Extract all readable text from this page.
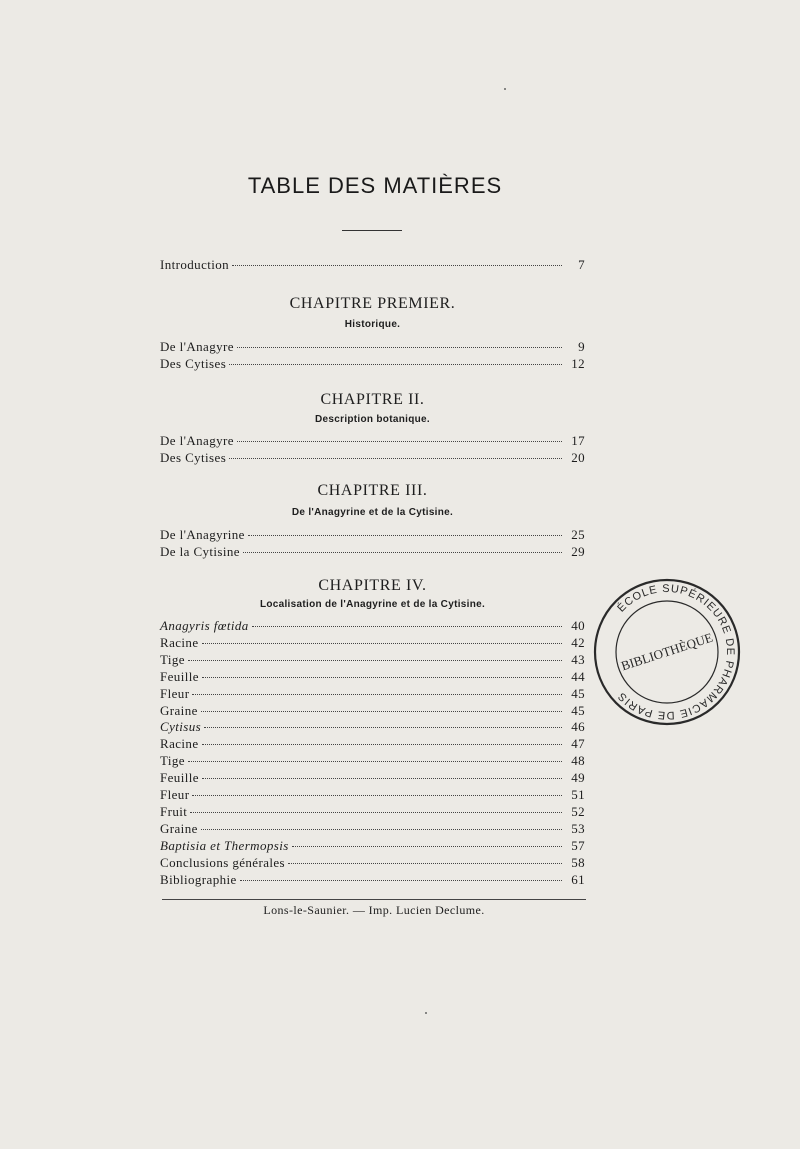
TABLE DES MATIÈRES
Introduction	7
CHAPITRE PREMIER.
Historique.
De l'Anagyre	9
Des Cytises	12
CHAPITRE II.
Description botanique.
De l'Anagyre	17
Des Cytises	20
CHAPITRE III.
De l'Anagyrine et de la Cytisine.
De l'Anagyrine	25
De la Cytisine	29
CHAPITRE IV.
Localisation de l'Anagyrine et de la Cytisine.
Anagyris fœtida	40
Racine	42
Tige	43
Feuille	44
Fleur	45
Graine	45
Cytisus	46
Racine	47
Tige	48
Feuille	49
Fleur	51
Fruit	52
Graine	53
Baptisia et Thermopsis	57
Conclusions générales	58
Bibliographie	61
Lons-le-Saunier. — Imp. Lucien Declume.
ÉCOLE SUPÉRIEURE DE PHARMACIE DE PARIS
BIBLIOTHÈQUE
